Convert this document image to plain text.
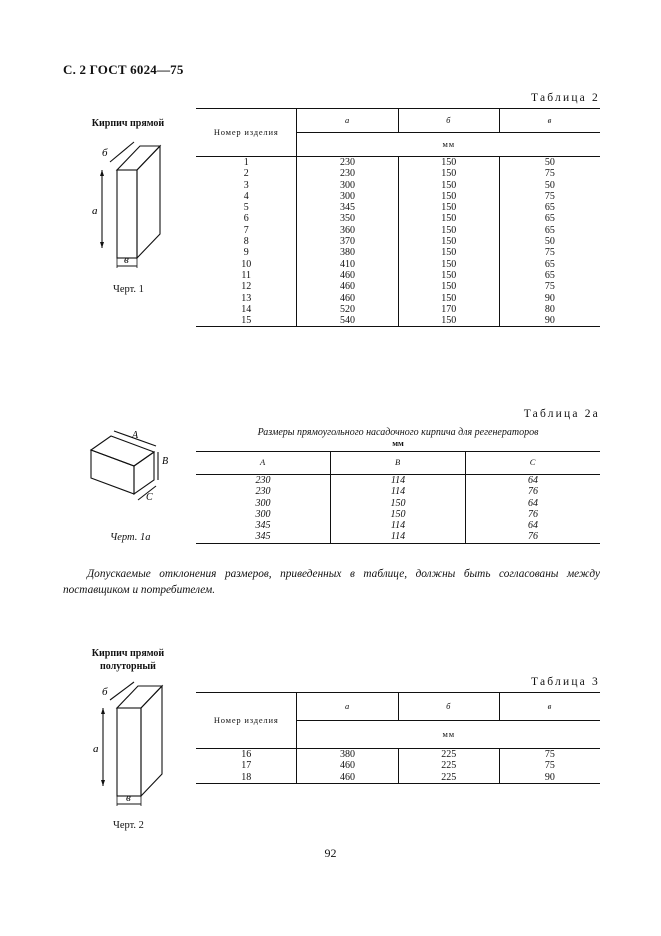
С. 2 ГОСТ 6024—75
Таблица 2
Кирпич прямой
а
б
в
Черт. 1
Номер изделия	а	б	в
	мм		
1	230	150	50
2	230	150	75
3	300	150	50
4	300	150	75
5	345	150	65
6	350	150	65
7	360	150	65
8	370	150	50
9	380	150	75
10	410	150	65
11	460	150	65
12	460	150	75
13	460	150	90
14	520	170	80
15	540	150	90
Таблица 2а
Размеры прямоугольного насадочного кирпича для регенераторов
мм
A
B
C
Черт. 1а
A	B	C
230	114	64
230	114	76
300	150	64
300	150	76
345	114	64
345	114	76
Допускаемые отклонения размеров, приведенных в таблице, должны быть согласованы между поставщиком и потребителем.
Кирпич прямой
полуторный
Таблица 3
а
б
в
Черт. 2
Номер изделия	а	б	в
	мм		
16	380	225	75
17	460	225	75
18	460	225	90
92
